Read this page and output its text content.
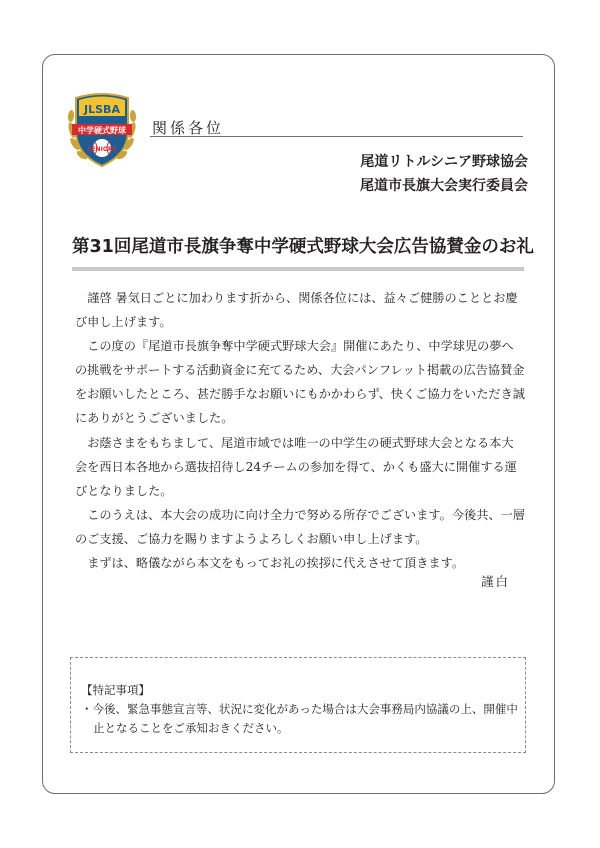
JLSBA
中学硬式野球
SENIORS
関係各位
尾道リトルシニア野球協会
尾道市長旗大会実行委員会
第31回尾道市長旗争奪中学硬式野球大会広告協賛金のお礼

謹啓 暑気日ごとに加わります折から、関係各位には、益々ご健勝のこととお慶び申し上げます。

この度の『尾道市長旗争奪中学硬式野球大会』開催にあたり、中学球児の夢への挑戦をサポートする活動資金に充てるため、大会パンフレット掲載の広告協賛金をお願いしたところ、甚だ勝手なお願いにもかかわらず、快くご協力をいただき誠にありがとうございました。

お蔭さまをもちまして、尾道市域では唯一の中学生の硬式野球大会となる本大会を西日本各地から選抜招待し24チームの参加を得て、かくも盛大に開催する運びとなりました。

このうえは、本大会の成功に向け全力で努める所存でございます。今後共、一層のご支援、ご協力を賜りますようよろしくお願い申し上げます。

まずは、略儀ながら本文をもってお礼の挨拶に代えさせて頂きます。

謹白
【特記事項】
・今後、緊急事態宣言等、状況に変化があった場合は大会事務局内協議の上、開催中止となることをご承知おきください。
